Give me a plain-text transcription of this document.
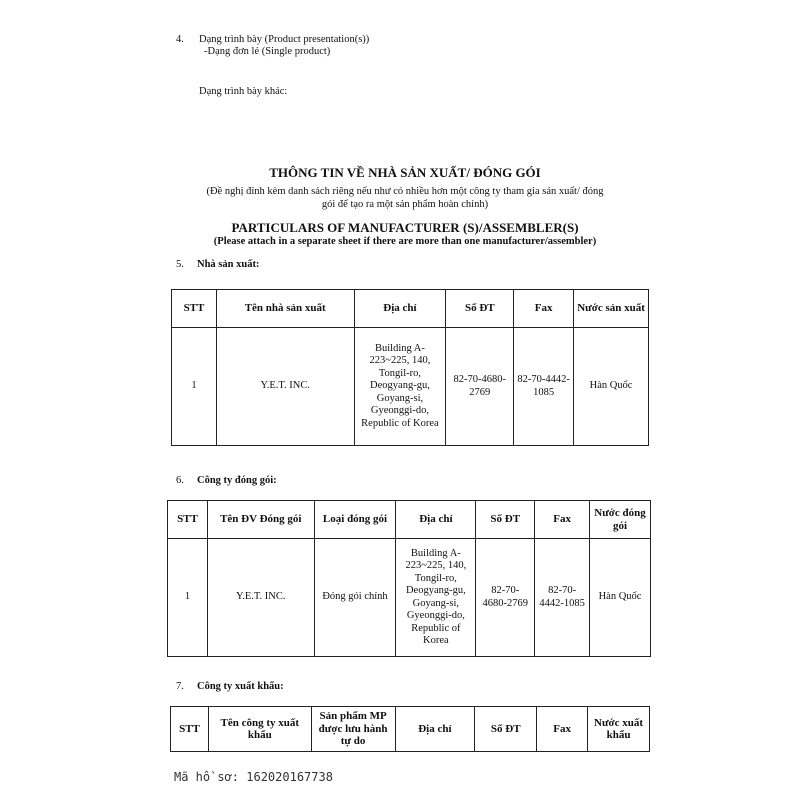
4. Dạng trình bày (Product presentation(s))
-Dạng đơn lẻ (Single product)
Dạng trình bày khác:
THÔNG TIN VỀ NHÀ SẢN XUẤT/ ĐÓNG GÓI
(Đề nghị đính kèm danh sách riêng nếu như có nhiều hơn một công ty tham gia sản xuất/ đóng
gói để tạo ra một sản phẩm hoàn chỉnh)
PARTICULARS OF MANUFACTURER (S)/ASSEMBLER(S)
(Please attach in a separate sheet if there are more than one manufacturer/assembler)
5. Nhà sản xuất:
STT	Tên nhà sản xuất	Địa chỉ	Số ĐT	Fax	Nước sản xuất
1	Y.E.T. INC.	Building A-223~225, 140, Tongil-ro, Deogyang-gu, Goyang-si, Gyeonggi-do, Republic of Korea	82-70-4680-2769	82-70-4442-1085	Hàn Quốc
6. Công ty đóng gói:
STT	Tên ĐV Đóng gói	Loại đóng gói	Địa chỉ	Số ĐT	Fax	Nước đóng gói
1	Y.E.T. INC.	Đóng gói chính	Building A-223~225, 140, Tongil-ro, Deogyang-gu, Goyang-si, Gyeonggi-do, Republic of Korea	82-70-4680-2769	82-70-4442-1085	Hàn Quốc
7. Công ty xuất khẩu:
STT	Tên công ty xuất khẩu	Sản phẩm MP được lưu hành tự do	Địa chỉ	Số ĐT	Fax	Nước xuất khẩu
Mã hồ sơ: 162020167738
